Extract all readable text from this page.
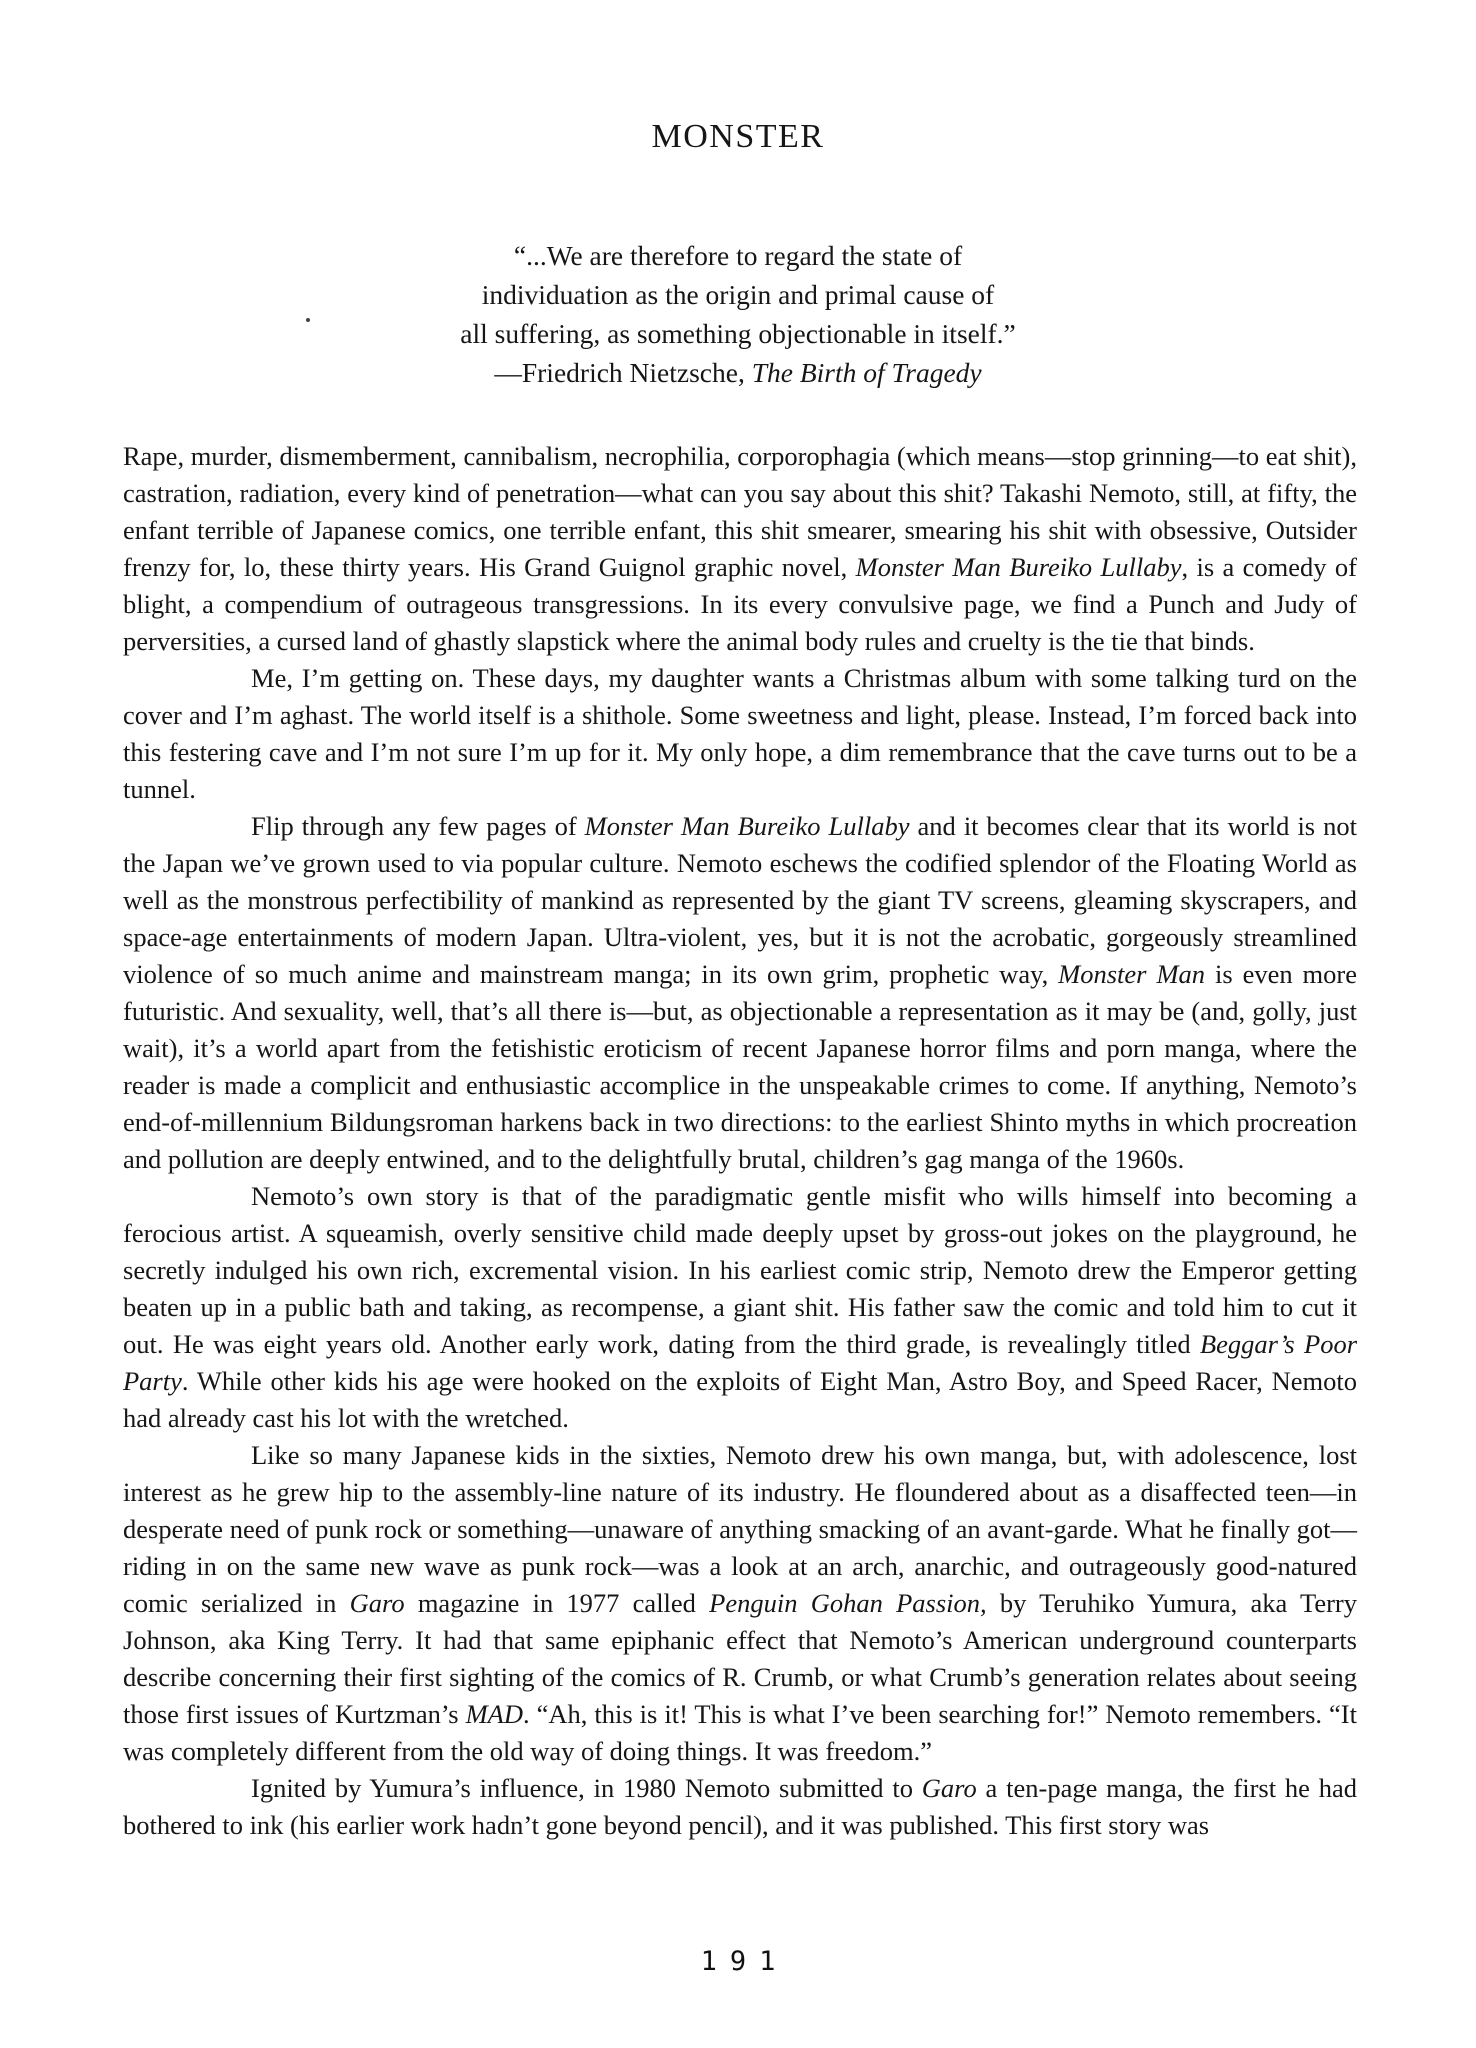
MONSTER
“...We are therefore to regard the state of
individuation as the origin and primal cause of
all suffering, as something objectionable in itself.”
—Friedrich Nietzsche, The Birth of Tragedy

Rape, murder, dismemberment, cannibalism, necrophilia, corporophagia (which means—stop grinning—to eat shit), castration, radiation, every kind of penetration—what can you say about this shit? Takashi Nemoto, still, at fifty, the enfant terrible of Japanese comics, one terrible enfant, this shit smearer, smearing his shit with obsessive, Outsider frenzy for, lo, these thirty years. His Grand Guignol graphic novel, Monster Man Bureiko Lullaby, is a comedy of blight, a compendium of outrageous transgressions. In its every convulsive page, we find a Punch and Judy of perversities, a cursed land of ghastly slapstick where the animal body rules and cruelty is the tie that binds.

Me, I’m getting on. These days, my daughter wants a Christmas album with some talking turd on the cover and I’m aghast. The world itself is a shithole. Some sweetness and light, please. Instead, I’m forced back into this festering cave and I’m not sure I’m up for it. My only hope, a dim remembrance that the cave turns out to be a tunnel.

Flip through any few pages of Monster Man Bureiko Lullaby and it becomes clear that its world is not the Japan we’ve grown used to via popular culture. Nemoto eschews the codified splendor of the Floating World as well as the monstrous perfectibility of mankind as represented by the giant TV screens, gleaming skyscrapers, and space-age entertainments of modern Japan. Ultra-violent, yes, but it is not the acrobatic, gorgeously streamlined violence of so much anime and mainstream manga; in its own grim, prophetic way, Monster Man is even more futuristic. And sexuality, well, that’s all there is—but, as objectionable a representation as it may be (and, golly, just wait), it’s a world apart from the fetishistic eroticism of recent Japanese horror films and porn manga, where the reader is made a complicit and enthusiastic accomplice in the unspeakable crimes to come. If anything, Nemoto’s end-of-millennium Bildungsroman harkens back in two directions: to the earliest Shinto myths in which procreation and pollution are deeply entwined, and to the delightfully brutal, children’s gag manga of the 1960s.

Nemoto’s own story is that of the paradigmatic gentle misfit who wills himself into becoming a ferocious artist. A squeamish, overly sensitive child made deeply upset by gross-out jokes on the playground, he secretly indulged his own rich, excremental vision. In his earliest comic strip, Nemoto drew the Emperor getting beaten up in a public bath and taking, as recompense, a giant shit. His father saw the comic and told him to cut it out. He was eight years old. Another early work, dating from the third grade, is revealingly titled Beggar’s Poor Party. While other kids his age were hooked on the exploits of Eight Man, Astro Boy, and Speed Racer, Nemoto had already cast his lot with the wretched.

Like so many Japanese kids in the sixties, Nemoto drew his own manga, but, with adolescence, lost interest as he grew hip to the assembly-line nature of its industry. He floundered about as a disaffected teen—in desperate need of punk rock or something—unaware of anything smacking of an avant-garde. What he finally got—riding in on the same new wave as punk rock—was a look at an arch, anarchic, and outrageously good-natured comic serialized in Garo magazine in 1977 called Penguin Gohan Passion, by Teruhiko Yumura, aka Terry Johnson, aka King Terry. It had that same epiphanic effect that Nemoto’s American underground counterparts describe concerning their first sighting of the comics of R. Crumb, or what Crumb’s generation relates about seeing those first issues of Kurtzman’s MAD. “Ah, this is it! This is what I’ve been searching for!” Nemoto remembers. “It was completely different from the old way of doing things. It was freedom.”

Ignited by Yumura’s influence, in 1980 Nemoto submitted to Garo a ten-page manga, the first he had bothered to ink (his earlier work hadn’t gone beyond pencil), and it was published. This first story was

191
